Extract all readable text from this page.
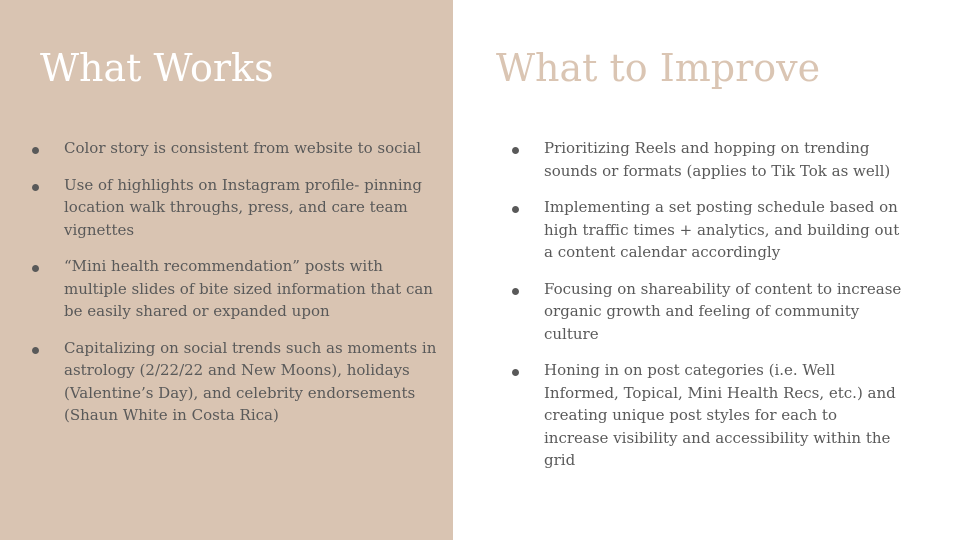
What Works
Color story is consistent from website to social
Use of highlights on Instagram profile- pinning location walk throughs, press, and care team vignettes
“Mini health recommendation” posts with multiple slides of bite sized information that can be easily shared or expanded upon
Capitalizing on social trends such as moments in astrology (2/22/22 and New Moons), holidays (Valentine’s Day), and celebrity endorsements (Shaun White in Costa Rica)
What to Improve
Prioritizing Reels and hopping on trending sounds or formats (applies to Tik Tok as well)
Implementing a set posting schedule based on high traffic times + analytics, and building out a content calendar accordingly
Focusing on shareability of content to increase organic growth and feeling of community culture
Honing in on post categories (i.e. Well Informed, Topical, Mini Health Recs, etc.) and creating unique post styles for each to increase visibility and accessibility within the grid
